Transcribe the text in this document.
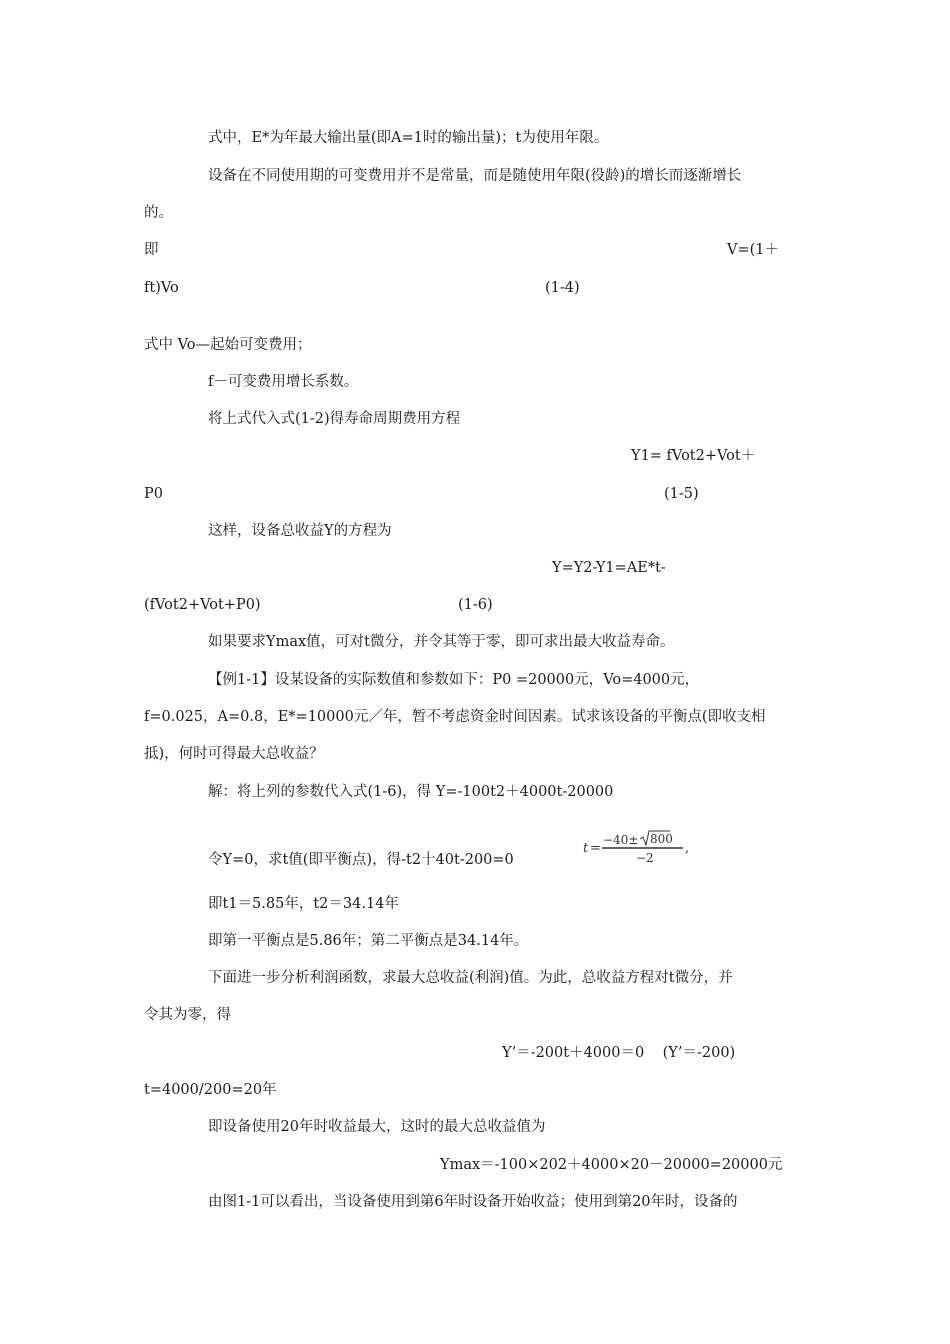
式中，E*为年最大输出量(即A=1时的输出量)；t为使用年限。

设备在不同使用期的可变费用并不是常量，而是随使用年限(役龄)的增长而逐渐增长

的。

即	V=(1＋

ft)Vo	(1-4)

式中 Vo—起始可变费用；

f－可变费用增长系数。

将上式代入式(1-2)得寿命周期费用方程

Y1= fVot2+Vot＋

P0	(1-5)

这样，设备总收益Y的方程为

Y=Y2-Y1=AE*t-

(fVot2+Vot+P0)	(1-6)

如果要求Ymax值，可对t微分，并令其等于零，即可求出最大收益寿命。

【例1-1】设某设备的实际数值和参数如下：P0 =20000元，Vo=4000元，

f=0.025，A=0.8，E*=10000元／年，暂不考虑资金时间因素。试求该设备的平衡点(即收支相

抵)，何时可得最大总收益？

解：将上列的参数代入式(1-6)，得 Y=-100t2＋4000t-20000

令Y=0，求t值(即平衡点)，得-t2十40t-200=0

t =
−40± 800
−2
,

即t1＝5.85年，t2＝34.14年

即第一平衡点是5.86年；第二平衡点是34.14年。

下面进一步分析利润函数，求最大总收益(利润)值。为此，总收益方程对t微分，并

令其为零，得

Y’＝-200t＋4000＝0    (Y’＝-200)

t=4000/200=20年

即设备使用20年时收益最大，这时的最大总收益值为

Ymax＝-100×202＋4000×20－20000=20000元

由图1-1可以看出，当设备使用到第6年时设备开始收益；使用到第20年时，设备的
